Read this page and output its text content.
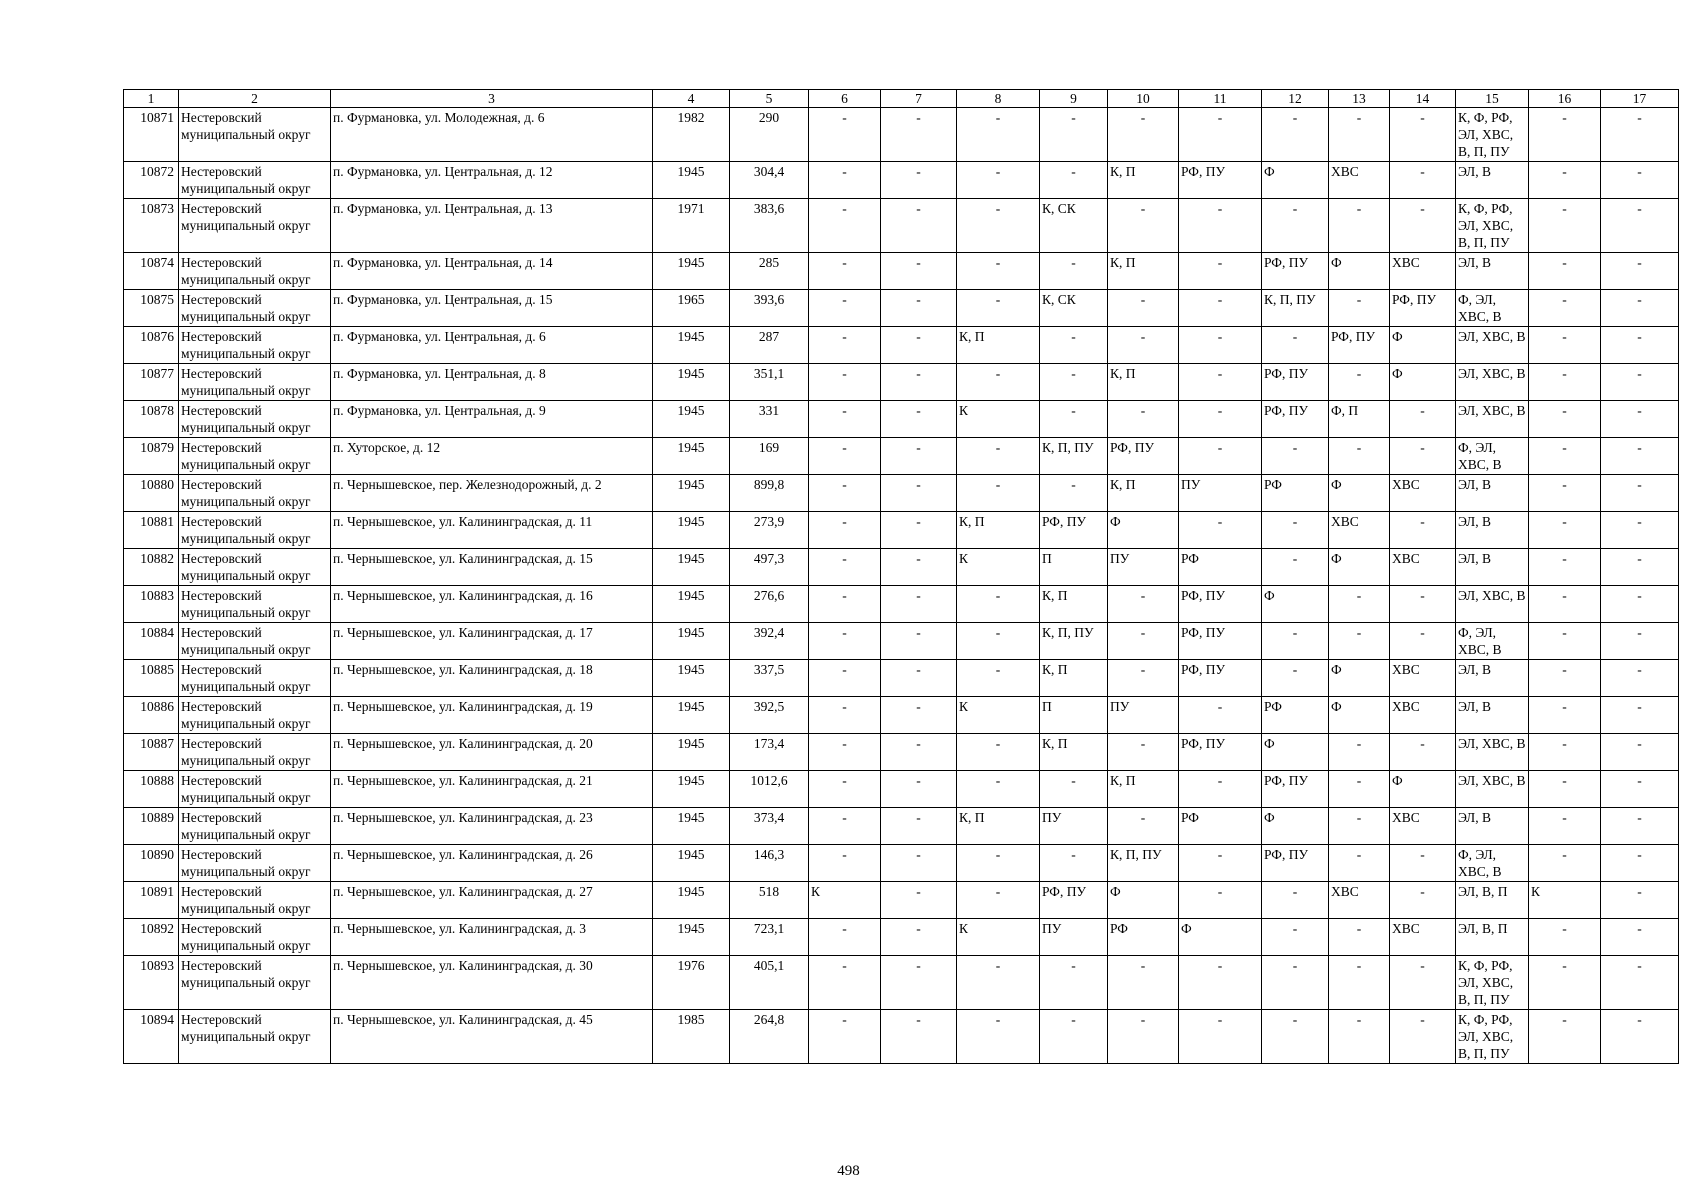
1	2	3	4	5	6	7	8	9	10	11	12	13	14	15	16	17
10871	Нестеровский муниципальный округ	п. Фурмановка, ул. Молодежная, д. 6	1982	290	-	-	-	-	-	-	-	-	-	К, Ф, РФ, ЭЛ, ХВС, В, П, ПУ	-	-
10872	Нестеровский муниципальный округ	п. Фурмановка, ул. Центральная, д. 12	1945	304,4	-	-	-	-	К, П	РФ, ПУ	Ф	ХВС	-	ЭЛ, В	-	-
10873	Нестеровский муниципальный округ	п. Фурмановка, ул. Центральная, д. 13	1971	383,6	-	-	-	К, СК	-	-	-	-	-	К, Ф, РФ, ЭЛ, ХВС, В, П, ПУ	-	-
10874	Нестеровский муниципальный округ	п. Фурмановка, ул. Центральная, д. 14	1945	285	-	-	-	-	К, П	-	РФ, ПУ	Ф	ХВС	ЭЛ, В	-	-
10875	Нестеровский муниципальный округ	п. Фурмановка, ул. Центральная, д. 15	1965	393,6	-	-	-	К, СК	-	-	К, П, ПУ	-	РФ, ПУ	Ф, ЭЛ, ХВС, В	-	-
10876	Нестеровский муниципальный округ	п. Фурмановка, ул. Центральная, д. 6	1945	287	-	-	К, П	-	-	-	-	РФ, ПУ	Ф	ЭЛ, ХВС, В	-	-
10877	Нестеровский муниципальный округ	п. Фурмановка, ул. Центральная, д. 8	1945	351,1	-	-	-	-	К, П	-	РФ, ПУ	-	Ф	ЭЛ, ХВС, В	-	-
10878	Нестеровский муниципальный округ	п. Фурмановка, ул. Центральная, д. 9	1945	331	-	-	К	-	-	-	РФ, ПУ	Ф, П	-	ЭЛ, ХВС, В	-	-
10879	Нестеровский муниципальный округ	п. Хуторское, д. 12	1945	169	-	-	-	К, П, ПУ	РФ, ПУ	-	-	-	-	Ф, ЭЛ, ХВС, В	-	-
10880	Нестеровский муниципальный округ	п. Чернышевское, пер. Железнодорожный, д. 2	1945	899,8	-	-	-	-	К, П	ПУ	РФ	Ф	ХВС	ЭЛ, В	-	-
10881	Нестеровский муниципальный округ	п. Чернышевское, ул. Калининградская, д. 11	1945	273,9	-	-	К, П	РФ, ПУ	Ф	-	-	ХВС	-	ЭЛ, В	-	-
10882	Нестеровский муниципальный округ	п. Чернышевское, ул. Калининградская, д. 15	1945	497,3	-	-	К	П	ПУ	РФ	-	Ф	ХВС	ЭЛ, В	-	-
10883	Нестеровский муниципальный округ	п. Чернышевское, ул. Калининградская, д. 16	1945	276,6	-	-	-	К, П	-	РФ, ПУ	Ф	-	-	ЭЛ, ХВС, В	-	-
10884	Нестеровский муниципальный округ	п. Чернышевское, ул. Калининградская, д. 17	1945	392,4	-	-	-	К, П, ПУ	-	РФ, ПУ	-	-	-	Ф, ЭЛ, ХВС, В	-	-
10885	Нестеровский муниципальный округ	п. Чернышевское, ул. Калининградская, д. 18	1945	337,5	-	-	-	К, П	-	РФ, ПУ	-	Ф	ХВС	ЭЛ, В	-	-
10886	Нестеровский муниципальный округ	п. Чернышевское, ул. Калининградская, д. 19	1945	392,5	-	-	К	П	ПУ	-	РФ	Ф	ХВС	ЭЛ, В	-	-
10887	Нестеровский муниципальный округ	п. Чернышевское, ул. Калининградская, д. 20	1945	173,4	-	-	-	К, П	-	РФ, ПУ	Ф	-	-	ЭЛ, ХВС, В	-	-
10888	Нестеровский муниципальный округ	п. Чернышевское, ул. Калининградская, д. 21	1945	1012,6	-	-	-	-	К, П	-	РФ, ПУ	-	Ф	ЭЛ, ХВС, В	-	-
10889	Нестеровский муниципальный округ	п. Чернышевское, ул. Калининградская, д. 23	1945	373,4	-	-	К, П	ПУ	-	РФ	Ф	-	ХВС	ЭЛ, В	-	-
10890	Нестеровский муниципальный округ	п. Чернышевское, ул. Калининградская, д. 26	1945	146,3	-	-	-	-	К, П, ПУ	-	РФ, ПУ	-	-	Ф, ЭЛ, ХВС, В	-	-
10891	Нестеровский муниципальный округ	п. Чернышевское, ул. Калининградская, д. 27	1945	518	К	-	-	РФ, ПУ	Ф	-	-	ХВС	-	ЭЛ, В, П	К	-
10892	Нестеровский муниципальный округ	п. Чернышевское, ул. Калининградская, д. 3	1945	723,1	-	-	К	ПУ	РФ	Ф	-	-	ХВС	ЭЛ, В, П	-	-
10893	Нестеровский муниципальный округ	п. Чернышевское, ул. Калининградская, д. 30	1976	405,1	-	-	-	-	-	-	-	-	-	К, Ф, РФ, ЭЛ, ХВС, В, П, ПУ	-	-
10894	Нестеровский муниципальный округ	п. Чернышевское, ул. Калининградская, д. 45	1985	264,8	-	-	-	-	-	-	-	-	-	К, Ф, РФ, ЭЛ, ХВС, В, П, ПУ	-	-
498
